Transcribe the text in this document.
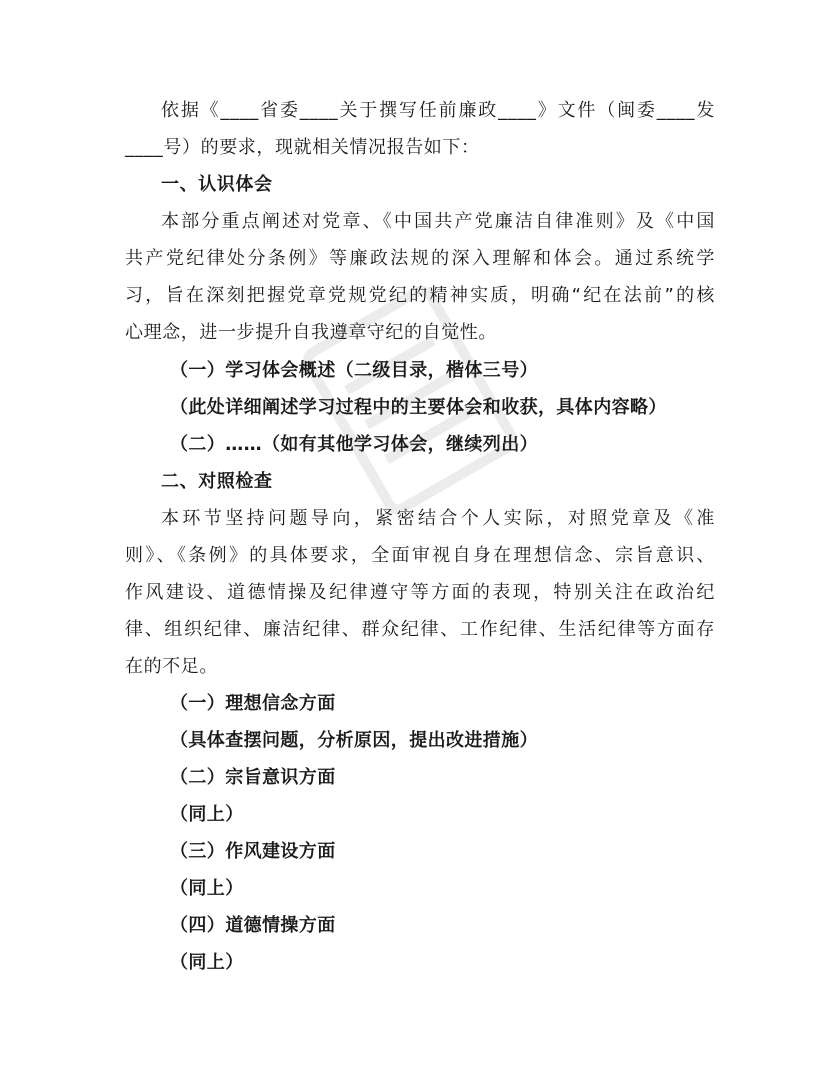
依据《____省委____关于撰写任前廉政____》文件（闽委____发
____号）的要求，现就相关情况报告如下：
一、认识体会
本部分重点阐述对党章、《中国共产党廉洁自律准则》及《中国
共产党纪律处分条例》等廉政法规的深入理解和体会。通过系统学
习，旨在深刻把握党章党规党纪的精神实质，明确“纪在法前”的核
心理念，进一步提升自我遵章守纪的自觉性。
（一）学习体会概述（二级目录，楷体三号）
（此处详细阐述学习过程中的主要体会和收获，具体内容略）
（二）……（如有其他学习体会，继续列出）
二、对照检查
本环节坚持问题导向，紧密结合个人实际，对照党章及《准
则》、《条例》的具体要求，全面审视自身在理想信念、宗旨意识、
作风建设、道德情操及纪律遵守等方面的表现，特别关注在政治纪
律、组织纪律、廉洁纪律、群众纪律、工作纪律、生活纪律等方面存
在的不足。
（一）理想信念方面
（具体查摆问题，分析原因，提出改进措施）
（二）宗旨意识方面
（同上）
（三）作风建设方面
（同上）
（四）道德情操方面
（同上）
